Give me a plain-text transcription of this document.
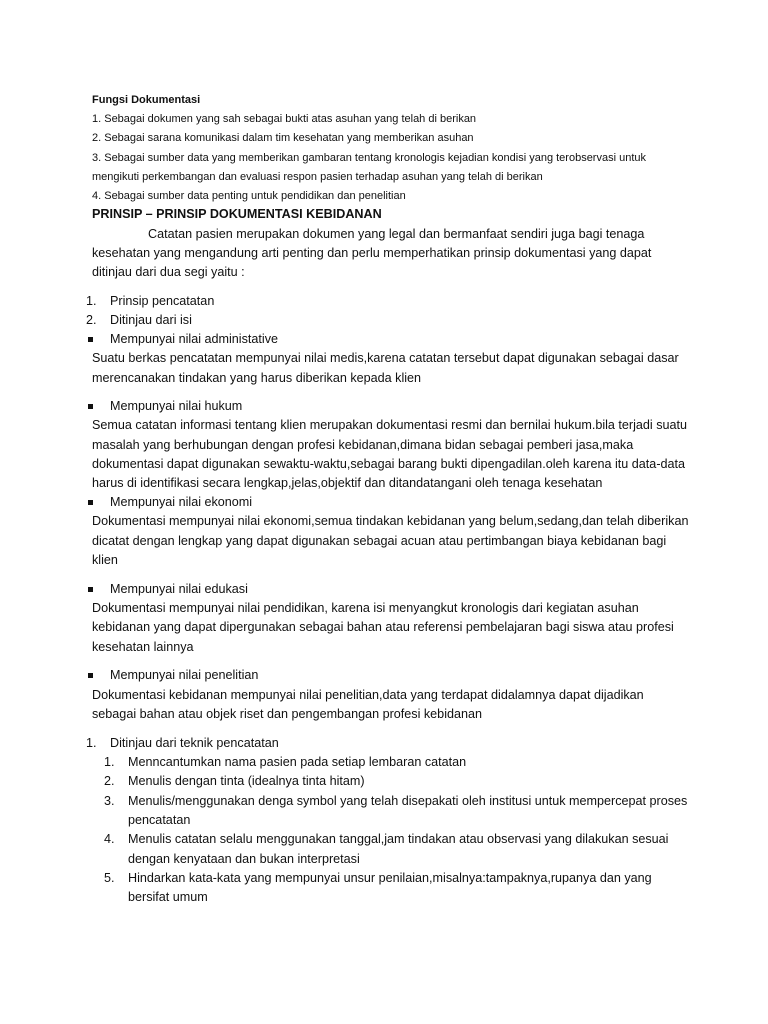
Fungsi Dokumentasi
1. Sebagai dokumen yang sah sebagai bukti atas asuhan yang telah di berikan
2. Sebagai sarana komunikasi dalam tim kesehatan yang memberikan asuhan
3. Sebagai sumber data yang memberikan gambaran tentang kronologis kejadian kondisi yang terobservasi untuk
mengikuti perkembangan dan evaluasi respon pasien terhadap asuhan yang telah di berikan
4. Sebagai sumber data penting untuk pendidikan dan penelitian
PRINSIP – PRINSIP DOKUMENTASI KEBIDANAN
Catatan pasien merupakan dokumen yang legal dan bermanfaat sendiri juga bagi tenaga
kesehatan yang mengandung arti penting dan perlu memperhatikan prinsip dokumentasi yang dapat
ditinjau dari dua segi yaitu :
1. Prinsip pencatatan
2. Ditinjau dari isi
Mempunyai nilai administative
Suatu berkas pencatatan mempunyai nilai medis,karena catatan tersebut dapat digunakan sebagai dasar
merencanakan tindakan yang harus diberikan kepada klien
Mempunyai nilai hukum
Semua catatan informasi tentang klien merupakan dokumentasi resmi dan bernilai hukum.bila terjadi suatu
masalah yang berhubungan dengan profesi kebidanan,dimana bidan sebagai pemberi jasa,maka
dokumentasi dapat digunakan sewaktu-waktu,sebagai barang bukti dipengadilan.oleh karena itu data-data
harus di identifikasi secara lengkap,jelas,objektif dan ditandatangani oleh tenaga kesehatan
Mempunyai nilai ekonomi
Dokumentasi mempunyai nilai ekonomi,semua tindakan kebidanan yang belum,sedang,dan telah diberikan
dicatat dengan lengkap yang dapat digunakan sebagai acuan atau pertimbangan biaya kebidanan bagi
klien
Mempunyai nilai edukasi
Dokumentasi mempunyai nilai pendidikan, karena isi menyangkut kronologis dari kegiatan asuhan
kebidanan yang dapat dipergunakan sebagai bahan atau referensi pembelajaran bagi siswa atau profesi
kesehatan lainnya
Mempunyai nilai penelitian
Dokumentasi kebidanan mempunyai nilai penelitian,data yang terdapat didalamnya dapat dijadikan
sebagai bahan atau objek riset dan pengembangan profesi kebidanan
1. Ditinjau dari teknik pencatatan
1. Menncantumkan nama pasien pada setiap lembaran catatan
2. Menulis dengan tinta (idealnya tinta hitam)
3. Menulis/menggunakan denga symbol yang telah disepakati oleh institusi untuk mempercepat proses
pencatatan
4. Menulis catatan selalu menggunakan tanggal,jam tindakan atau observasi yang dilakukan sesuai
dengan kenyataan dan bukan interpretasi
5. Hindarkan kata-kata yang mempunyai unsur penilaian,misalnya:tampaknya,rupanya dan yang
bersifat umum
